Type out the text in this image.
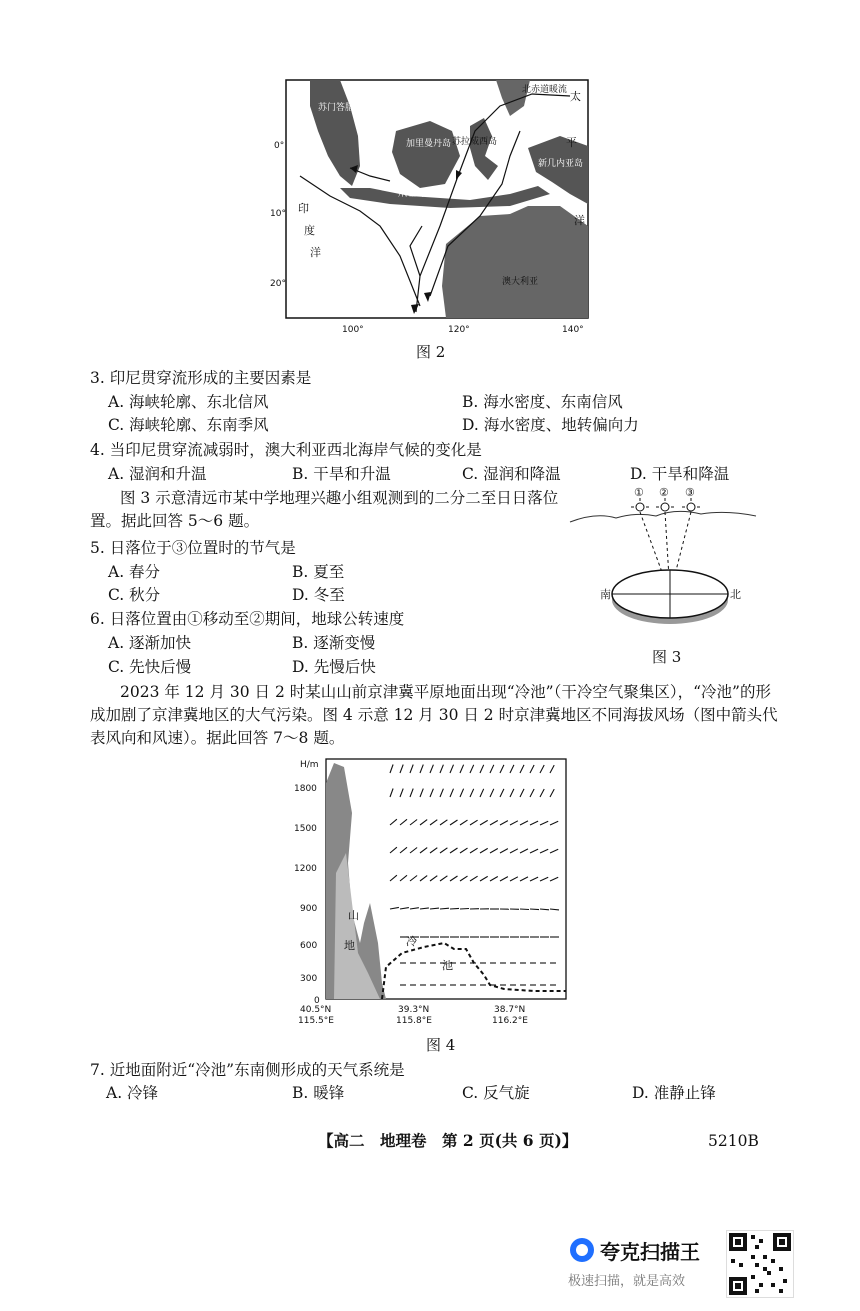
0°
10°
20°
100°	120°	140°
北赤道暖流 太
平
洋
印
度
洋
加里曼丹岛 苏拉威西岛
苏门答腊岛
爪哇岛
新几内亚岛
澳大利亚
图 2
3. 印尼贯穿流形成的主要因素是
A. 海峡轮廓、东北信风	B. 海水密度、东南信风
C. 海峡轮廓、东南季风	D. 海水密度、地转偏向力
4. 当印尼贯穿流减弱时，澳大利亚西北海岸气候的变化是
A. 湿润和升温	B. 干旱和升温	C. 湿润和降温	D. 干旱和降温
图 3 示意清远市某中学地理兴趣小组观测到的二分二至日日落位置。据此回答 5～6 题。
5. 日落位于③位置时的节气是
A. 春分	B. 夏至
C. 秋分	D. 冬至
6. 日落位置由①移动至②期间，地球公转速度
A. 逐渐加快	B. 逐渐变慢
C. 先快后慢	D. 先慢后快
① ② ③
南	北
图 3
2023 年 12 月 30 日 2 时某山山前京津冀平原地面出现“冷池”（干冷空气聚集区），“冷池”的形成加剧了京津冀地区的大气污染。图 4 示意 12 月 30 日 2 时京津冀地区不同海拔风场（图中箭头代表风向和风速）。据此回答 7～8 题。
H/m
1800
1500
1200
900
600
300
0
山
地	冷
池
40.5°N
115.5°E
39.3°N
115.8°E
38.7°N
116.2°E
图 4
7. 近地面附近“冷池”东南侧形成的天气系统是
A. 冷锋	B. 暖锋	C. 反气旋	D. 准静止锋
【高二　地理卷　第 2 页(共 6 页)】	5210B
夸克扫描王
极速扫描，就是高效
